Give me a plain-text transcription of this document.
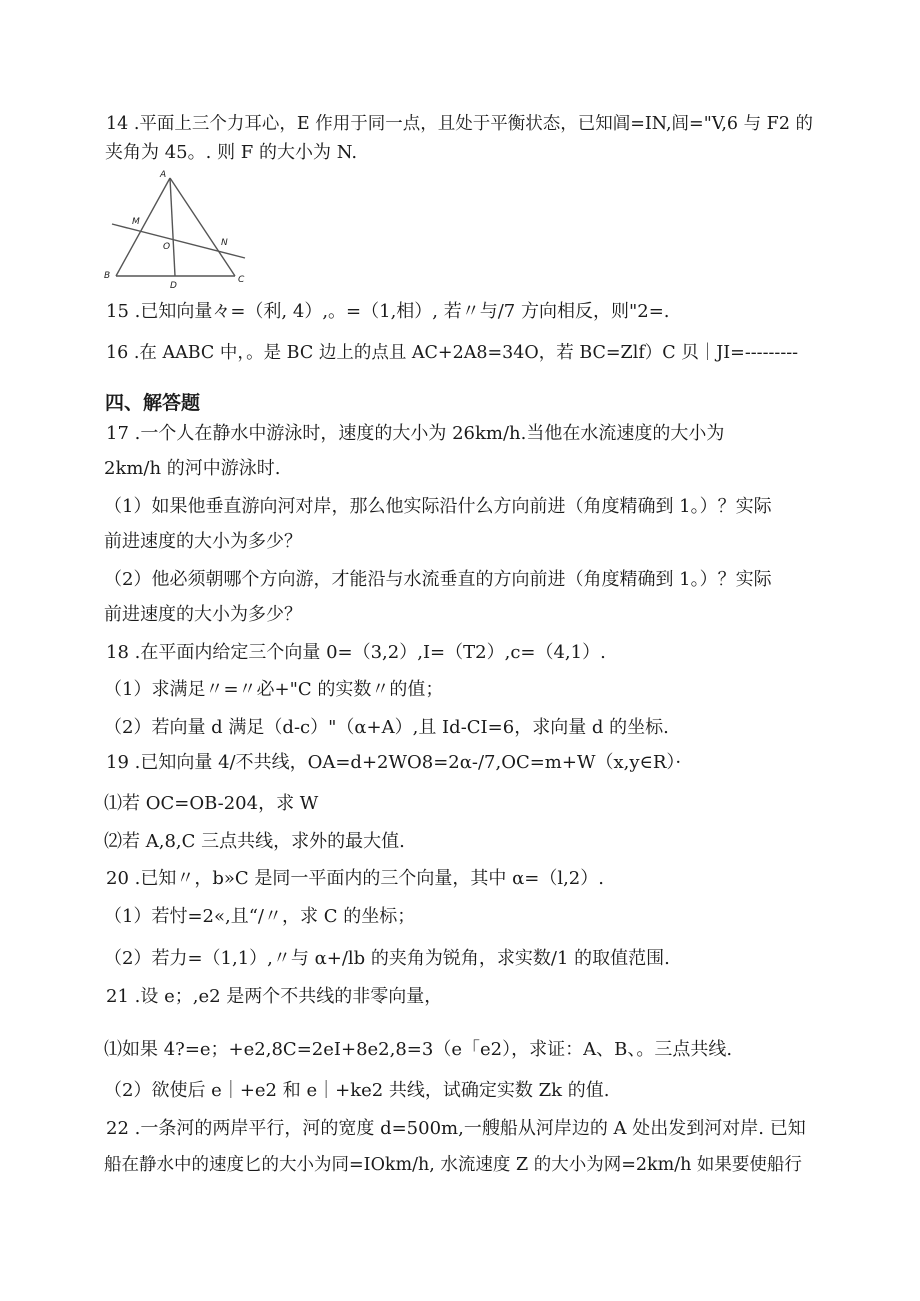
14 .平面上三个力耳心，E 作用于同一点，且处于平衡状态，已知阊=IN,闾="V,6 与 F2 的
夹角为 45。. 则 F 的大小为 N.
A
M
O	N
B
D
C
15 .已知向量々=（利, 4）,。=（1,相）, 若〃与/7 方向相反，则"2=.
16 .在 AABC 中，。是 BC 边上的点且 AC+2A8=34O，若 BC=Zlf）C 贝｜JI=---------
四、解答题
17 .一个人在静水中游泳时，速度的大小为 26km/h.当他在水流速度的大小为
2km/h 的河中游泳时.
（1）如果他垂直游向河对岸，那么他实际沿什么方向前进（角度精确到 1。）？实际
前进速度的大小为多少？
（2）他必须朝哪个方向游，才能沿与水流垂直的方向前进（角度精确到 1。）？实际
前进速度的大小为多少？
18 .在平面内给定三个向量 0=（3,2）,I=（T2）,c=（4,1）.
（1）求满足〃=〃必+"C 的实数〃的值；
（2）若向量 d 满足（d-c）"（α+A）,且 Id-CI=6，求向量 d 的坐标.
19 .已知向量 4/不共线，OA=d+2WO8=2α-/7,OC=m+W（x,y∈R）·
⑴若 OC=OB-204，求 W
⑵若 A,8,C 三点共线，求外的最大值.
20 .已知〃，b»C 是同一平面内的三个向量，其中 α=（l,2）.
（1）若忖=2«,且“/〃，求 C 的坐标；
（2）若力=（1,1）,〃与 α+/lb 的夹角为锐角，求实数/1 的取值范围.
21 .设 e；,e2 是两个不共线的非零向量，
⑴如果 4?=e；+e2,8C=2eI+8e2,8=3（e「e2），求证：A、B、。三点共线.
（2）欲使后 e｜+e2 和 e｜+ke2 共线，试确定实数 Zk 的值.
22 .一条河的两岸平行，河的宽度 d=500m,一艘船从河岸边的 A 处出发到河对岸. 已知
船在静水中的速度匕的大小为同=IOkm/h, 水流速度 Z 的大小为网=2km/h 如果要使船行
